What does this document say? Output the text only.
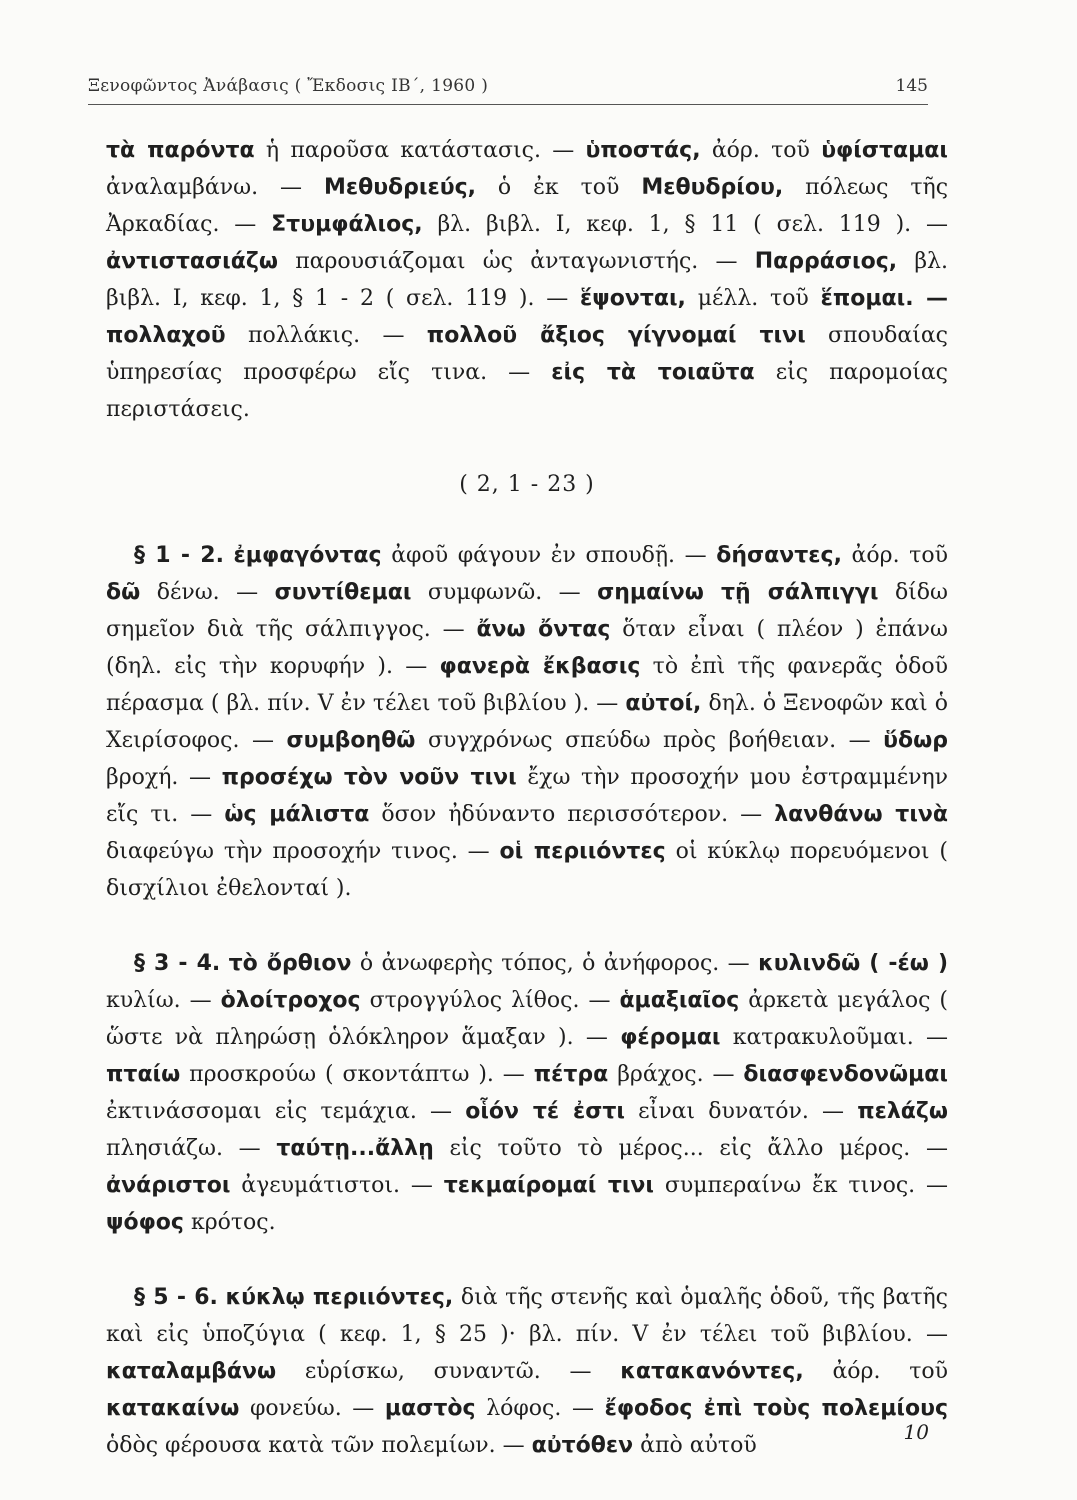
Ξενοφῶντος Ἀνάβασις ( Ἔκδοσις ΙΒ΄, 1960 )	145

τὰ παρόντα ἡ παροῦσα κατάστασις. — ὑποστάς, ἀόρ. τοῦ ὑφίσταμαι ἀναλαμβάνω. — Μεθυδριεύς, ὁ ἐκ τοῦ Μεθυδρίου, πόλεως τῆς Ἀρκαδίας. — Στυμφάλιος, βλ. βιβλ. Ι, κεφ. 1, § 11 ( σελ. 119 ). — ἀντιστασιάζω παρουσιάζομαι ὡς ἀνταγωνιστής. — Παρράσιος, βλ. βιβλ. Ι, κεφ. 1, § 1 - 2 ( σελ. 119 ). — ἕψονται, μέλλ. τοῦ ἕπομαι. — πολλαχοῦ πολλάκις. — πολλοῦ ἄξιος γίγνομαί τινι σπουδαίας ὑπηρεσίας προσφέρω εἴς τινα. — εἰς τὰ τοιαῦτα εἰς παρομοίας περιστάσεις.

( 2, 1 - 23 )

§ 1 - 2. ἐμφαγόντας ἀφοῦ φάγουν ἐν σπουδῇ. — δήσαντες, ἀόρ. τοῦ δῶ δένω. — συντίθεμαι συμφωνῶ. — σημαίνω τῇ σάλπιγγι δίδω σημεῖον διὰ τῆς σάλπιγγος. — ἄνω ὄντας ὅταν εἶναι ( πλέον ) ἐπάνω (δηλ. εἰς τὴν κορυφήν ). — φανερὰ ἔκβασις τὸ ἐπὶ τῆς φανερᾶς ὁδοῦ πέρασμα ( βλ. πίν. V ἐν τέλει τοῦ βιβλίου ). — αὐτοί, δηλ. ὁ Ξενοφῶν καὶ ὁ Χειρίσοφος. — συμβοηθῶ συγχρόνως σπεύδω πρὸς βοήθειαν. — ὕδωρ βροχή. — προσέχω τὸν νοῦν τινι ἔχω τὴν προσοχήν μου ἐστραμμένην εἴς τι. — ὡς μάλιστα ὅσον ἠδύναντο περισσότερον. — λανθάνω τινὰ διαφεύγω τὴν προσοχήν τινος. — οἱ περιιόντες οἱ κύκλῳ πορευόμενοι ( δισχίλιοι ἐθελονταί ).

§ 3 - 4. τὸ ὄρθιον ὁ ἀνωφερὴς τόπος, ὁ ἀνήφορος. — κυλινδῶ ( -έω ) κυλίω. — ὁλοίτροχος στρογγύλος λίθος. — ἁμαξιαῖος ἀρκετὰ μεγάλος ( ὥστε νὰ πληρώσῃ ὁλόκληρον ἅμαξαν ). — φέρομαι κατρακυλοῦμαι. — πταίω προσκρούω ( σκοντάπτω ). — πέτρα βράχος. — διασφενδονῶμαι ἐκτινάσσομαι εἰς τεμάχια. — οἷόν τέ ἐστι εἶναι δυνατόν. — πελάζω πλησιάζω. — ταύτῃ...ἄλλῃ εἰς τοῦτο τὸ μέρος... εἰς ἄλλο μέρος. — ἀνάριστοι ἀγευμάτιστοι. — τεκμαίρομαί τινι συμπεραίνω ἔκ τινος. — ψόφος κρότος.

§ 5 - 6. κύκλῳ περιιόντες, διὰ τῆς στενῆς καὶ ὁμαλῆς ὁδοῦ, τῆς βατῆς καὶ εἰς ὑποζύγια ( κεφ. 1, § 25 )· βλ. πίν. V ἐν τέλει τοῦ βιβλίου. — καταλαμβάνω εὑρίσκω, συναντῶ. — κατακανόντες, ἀόρ. τοῦ κατακαίνω φονεύω. — μαστὸς λόφος. — ἔφοδος ἐπὶ τοὺς πολεμίους ὁδὸς φέρουσα κατὰ τῶν πολεμίων. — αὐτόθεν ἀπὸ αὐτοῦ

10
